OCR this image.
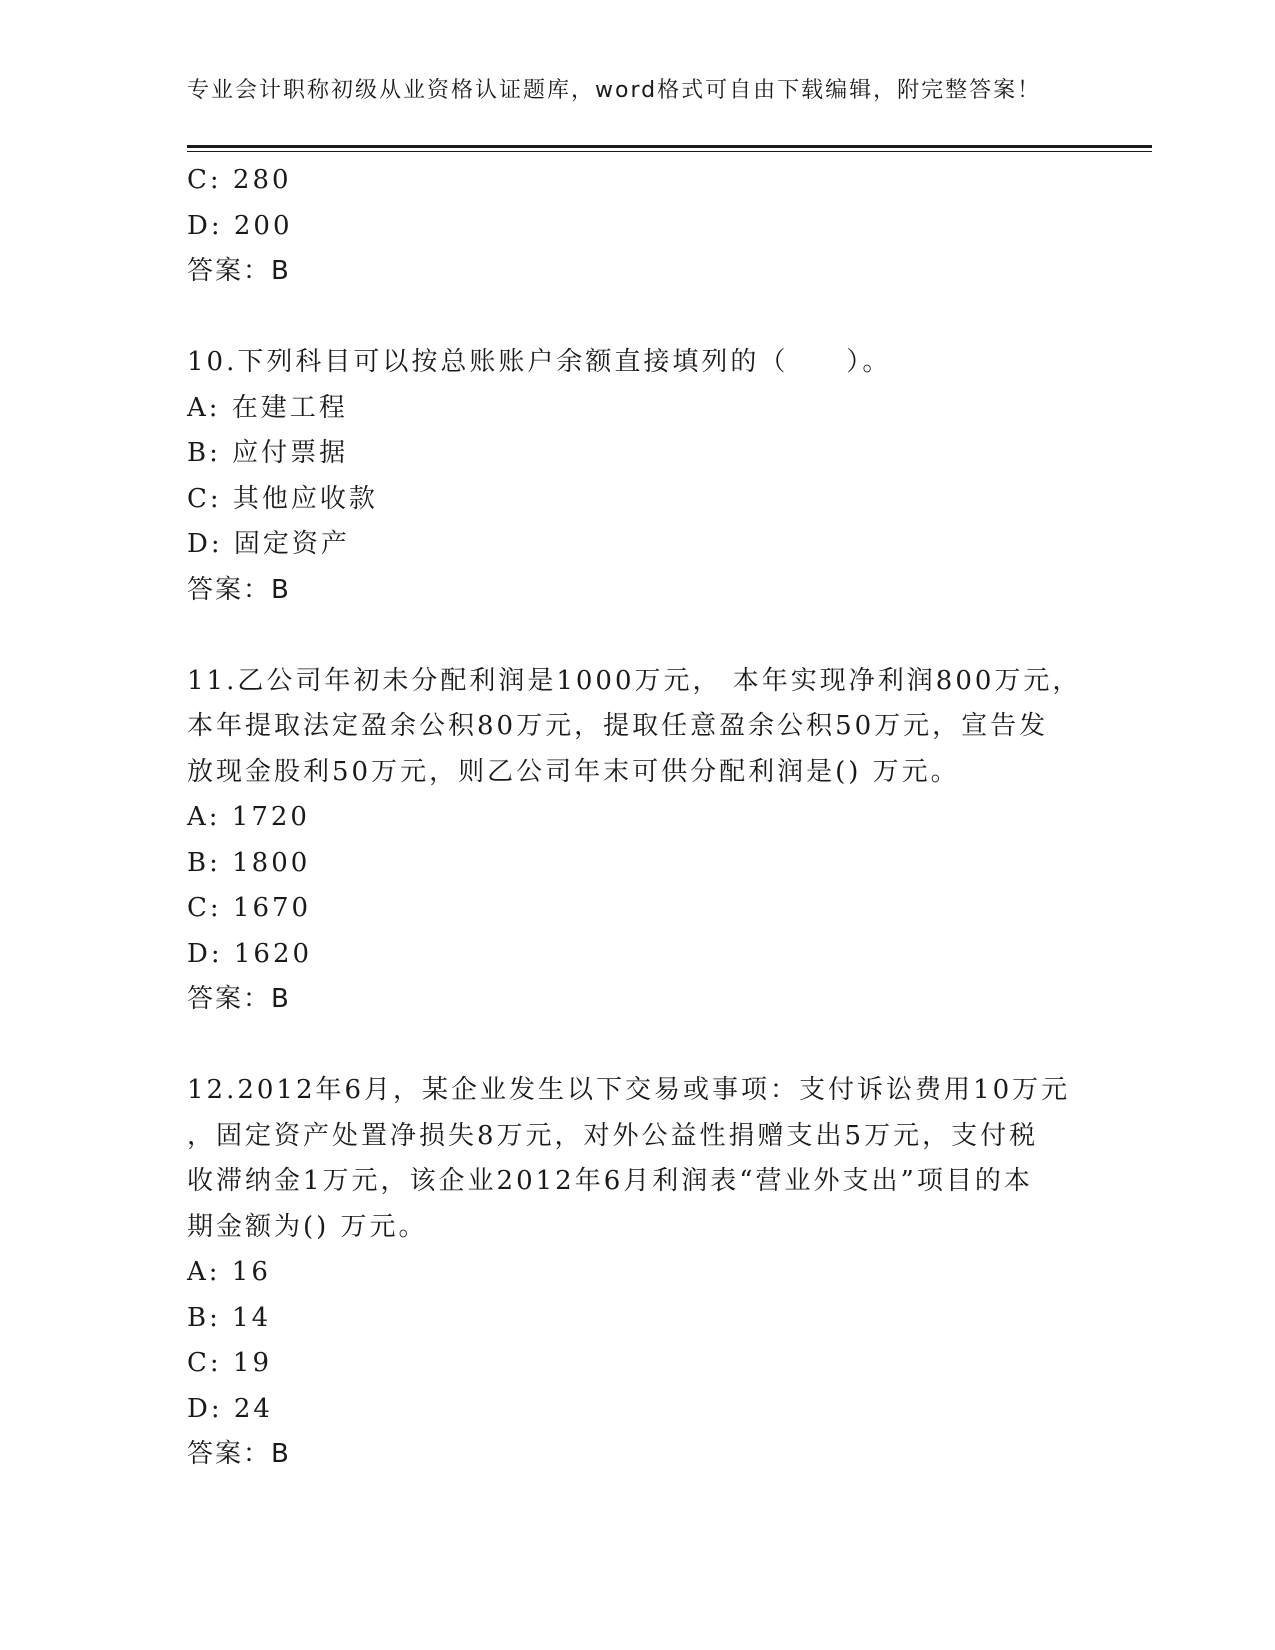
专业会计职称初级从业资格认证题库，word格式可自由下载编辑，附完整答案！
C: 280
D: 200
答案：B
10.下列科目可以按总账账户余额直接填列的（　　）。
A: 在建工程
B: 应付票据
C: 其他应收款
D: 固定资产
答案：B
11.乙公司年初未分配利润是1000万元， 本年实现净利润800万元，
本年提取法定盈余公积80万元，提取任意盈余公积50万元，宣告发
放现金股利50万元，则乙公司年末可供分配利润是() 万元。
A: 1720
B: 1800
C: 1670
D: 1620
答案：B
12.2012年6月，某企业发生以下交易或事项：支付诉讼费用10万元
，固定资产处置净损失8万元，对外公益性捐赠支出5万元，支付税
收滞纳金1万元，该企业2012年6月利润表“营业外支出”项目的本
期金额为() 万元。
A: 16
B: 14
C: 19
D: 24
答案：B
